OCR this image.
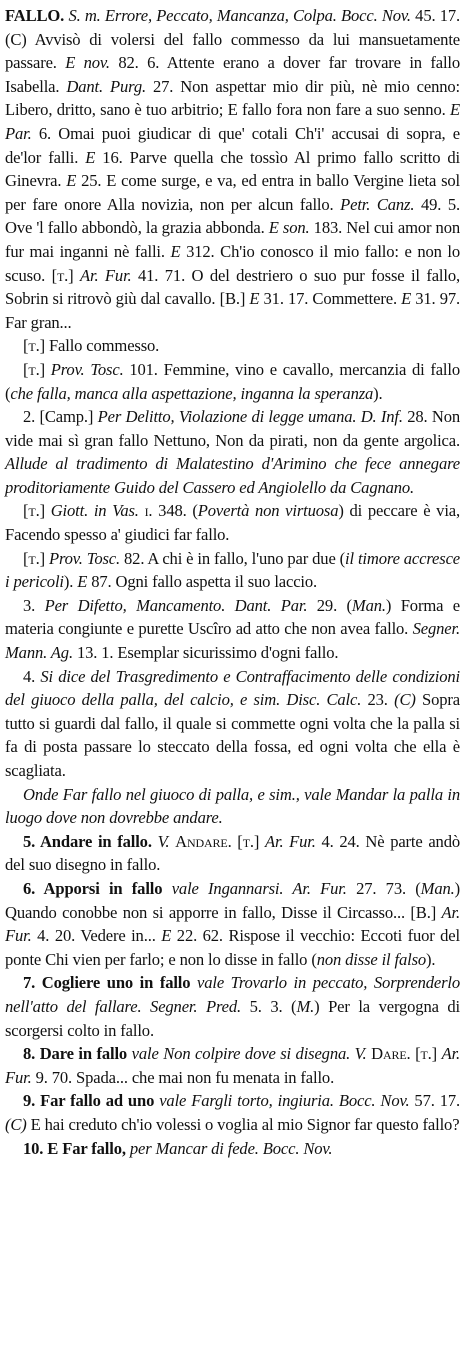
FALLO. S. m. Errore, Peccato, Mancanza, Colpa. Bocc. Nov. 45. 17. (C) Avvisò di volersi del fallo commesso da lui mansuetamente passare. E nov. 82. 6. Attente erano a dover far trovare in fallo Isabella. Dant. Purg. 27. Non aspettar mio dir più, nè mio cenno: Libero, dritto, sano è tuo arbitrio; E fallo fora non fare a suo senno. E Par. 6. Omai puoi giudicar di que' cotali Ch'i' accusai di sopra, e de'lor falli. E 16. Parve quella che tossìo Al primo fallo scritto di Ginevra. E 25. E come surge, e va, ed entra in ballo Vergine lieta sol per fare onore Alla novizia, non per alcun fallo. Petr. Canz. 49. 5. Ove 'l fallo abbondò, la grazia abbonda. E son. 183. Nel cui amor non fur mai inganni nè falli. E 312. Ch'io conosco il mio fallo: e non lo scuso. [t.] Ar. Fur. 41. 71. O del destriero o suo pur fosse il fallo, Sobrin si ritrovò giù dal cavallo. [B.] E 31. 17. Commettere. E 31. 97. Far gran...

[t.] Fallo commesso.

[t.] Prov. Tosc. 101. Femmine, vino e cavallo, mercanzia di fallo (che falla, manca alla aspettazione, inganna la speranza).

2. [Camp.] Per Delitto, Violazione di legge umana. D. Inf. 28. Non vide mai sì gran fallo Nettuno, Non da pirati, non da gente argolica. Allude al tradimento di Malatestino d'Arimino che fece annegare proditoriamente Guido del Cassero ed Angiolello da Cagnano.

[t.] Giott. in Vas. i. 348. (Povertà non virtuosa) di peccare è via, Facendo spesso a' giudici far fallo.

[t.] Prov. Tosc. 82. A chi è in fallo, l'uno par due (il timore accresce i pericoli). E 87. Ogni fallo aspetta il suo laccio.

3. Per Difetto, Mancamento. Dant. Par. 29. (Man.) Forma e materia congiunte e purette Uscîro ad atto che non avea fallo. Segner. Mann. Ag. 13. 1. Esemplar sicurissimo d'ogni fallo.

4. Si dice del Trasgredimento e Contraffacimento delle condizioni del giuoco della palla, del calcio, e sim. Disc. Calc. 23. (C) Sopra tutto si guardi dal fallo, il quale si commette ogni volta che la palla si fa di posta passare lo steccato della fossa, ed ogni volta che ella è scagliata.

Onde Far fallo nel giuoco di palla, e sim., vale Mandar la palla in luogo dove non dovrebbe andare.

5. Andare in fallo. V. Andare. [t.] Ar. Fur. 4. 24. Nè parte andò del suo disegno in fallo.

6. Apporsi in fallo vale Ingannarsi. Ar. Fur. 27. 73. (Man.) Quando conobbe non si apporre in fallo, Disse il Circasso... [B.] Ar. Fur. 4. 20. Vedere in... E 22. 62. Rispose il vecchio: Eccoti fuor del ponte Chi vien per farlo; e non lo disse in fallo (non disse il falso).

7. Cogliere uno in fallo vale Trovarlo in peccato, Sorprenderlo nell'atto del fallare. Segner. Pred. 5. 3. (M.) Per la vergogna di scorgersi colto in fallo.

8. Dare in fallo vale Non colpire dove si disegna. V. Dare. [t.] Ar. Fur. 9. 70. Spada... che mai non fu menata in fallo.

9. Far fallo ad uno vale Fargli torto, ingiuria. Bocc. Nov. 57. 17. (C) E hai creduto ch'io volessi o voglia al mio Signor far questo fallo?

10. E Far fallo, per Mancar di fede. Bocc. Nov.
